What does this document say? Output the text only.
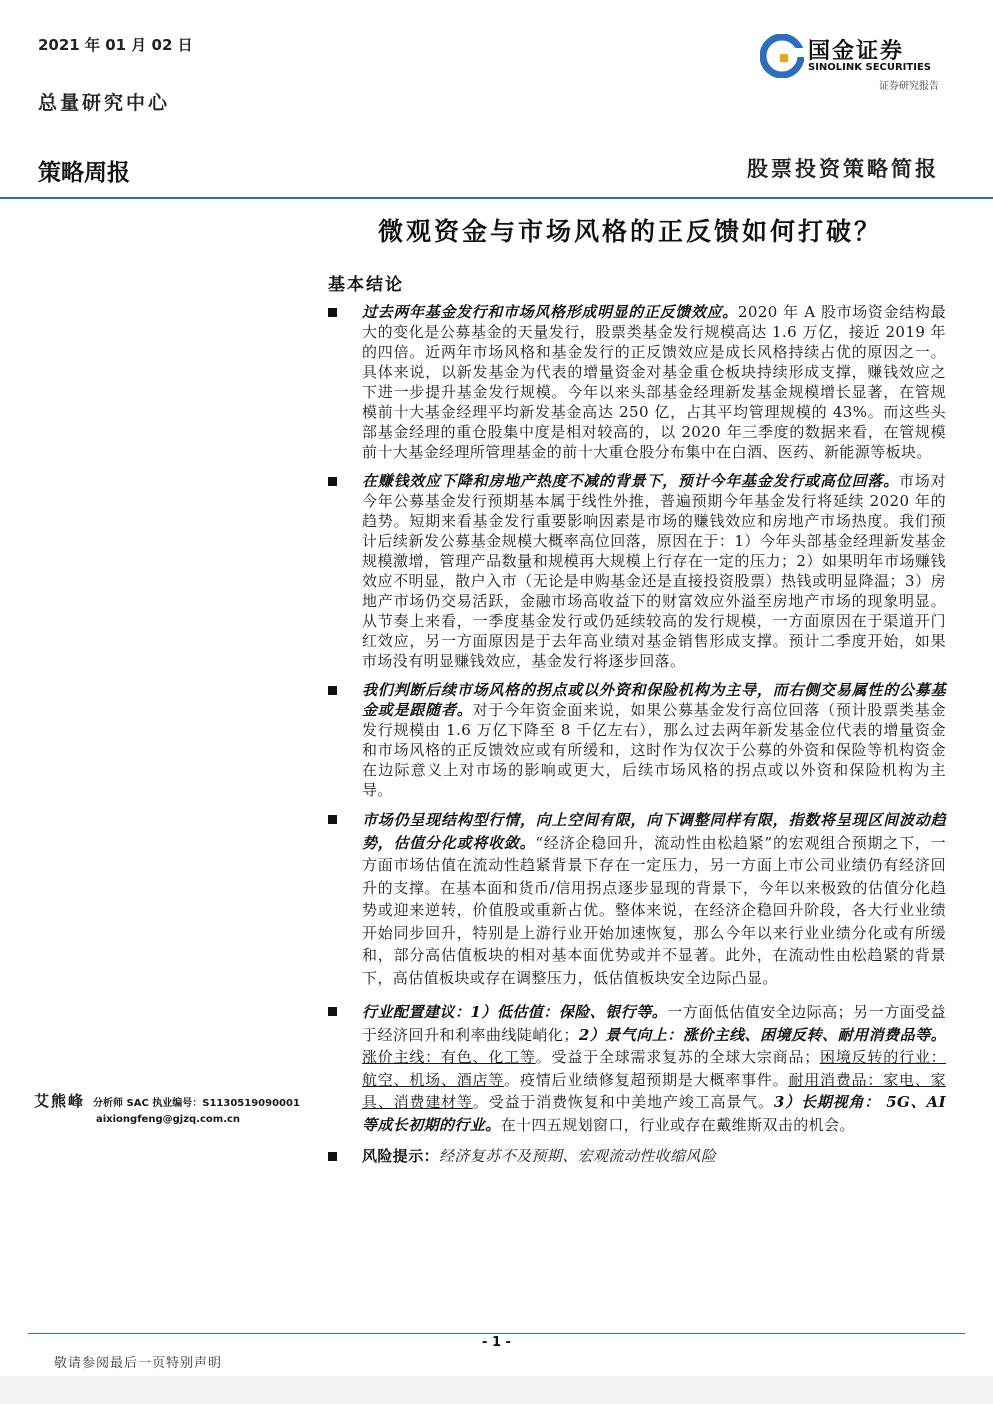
2021 年 01 月 02 日
总量研究中心
策略周报	股票投资策略简报
国金证券
SINOLINK SECURITIES
证券研究报告
微观资金与市场风格的正反馈如何打破？
基本结论
过去两年基金发行和市场风格形成明显的正反馈效应。2020 年 A 股市场资金结构最大的变化是公募基金的天量发行，股票类基金发行规模高达 1.6 万亿，接近 2019 年的四倍。近两年市场风格和基金发行的正反馈效应是成长风格持续占优的原因之一。具体来说，以新发基金为代表的增量资金对基金重仓板块持续形成支撑，赚钱效应之下进一步提升基金发行规模。今年以来头部基金经理新发基金规模增长显著，在管规模前十大基金经理平均新发基金高达 250 亿，占其平均管理规模的 43%。而这些头部基金经理的重仓股集中度是相对较高的，以 2020 年三季度的数据来看，在管规模前十大基金经理所管理基金的前十大重仓股分布集中在白酒、医药、新能源等板块。
在赚钱效应下降和房地产热度不减的背景下，预计今年基金发行或高位回落。市场对今年公募基金发行预期基本属于线性外推，普遍预期今年基金发行将延续 2020 年的趋势。短期来看基金发行重要影响因素是市场的赚钱效应和房地产市场热度。我们预计后续新发公募基金规模大概率高位回落，原因在于：1）今年头部基金经理新发基金规模激增，管理产品数量和规模再大规模上行存在一定的压力；2）如果明年市场赚钱效应不明显，散户入市（无论是申购基金还是直接投资股票）热钱或明显降温；3）房地产市场仍交易活跃，金融市场高收益下的财富效应外溢至房地产市场的现象明显。从节奏上来看，一季度基金发行或仍延续较高的发行规模，一方面原因在于渠道开门红效应，另一方面原因是于去年高业绩对基金销售形成支撑。预计二季度开始，如果市场没有明显赚钱效应，基金发行将逐步回落。
我们判断后续市场风格的拐点或以外资和保险机构为主导，而右侧交易属性的公募基金或是跟随者。对于今年资金面来说，如果公募基金发行高位回落（预计股票类基金发行规模由 1.6 万亿下降至 8 千亿左右），那么过去两年新发基金位代表的增量资金和市场风格的正反馈效应或有所缓和，这时作为仅次于公募的外资和保险等机构资金在边际意义上对市场的影响或更大，后续市场风格的拐点或以外资和保险机构为主导。
市场仍呈现结构型行情，向上空间有限，向下调整同样有限，指数将呈现区间波动趋势，估值分化或将收敛。“经济企稳回升，流动性由松趋紧”的宏观组合预期之下，一方面市场估值在流动性趋紧背景下存在一定压力，另一方面上市公司业绩仍有经济回升的支撑。在基本面和货币/信用拐点逐步显现的背景下，今年以来极致的估值分化趋势或迎来逆转，价值股或重新占优。整体来说，在经济企稳回升阶段，各大行业业绩开始同步回升，特别是上游行业开始加速恢复，那么今年以来行业业绩分化或有所缓和，部分高估值板块的相对基本面优势或并不显著。此外，在流动性由松趋紧的背景下，高估值板块或存在调整压力，低估值板块安全边际凸显。
行业配置建议：1）低估值：保险、银行等。一方面低估值安全边际高；另一方面受益于经济回升和利率曲线陡峭化；2）景气向上：涨价主线、困境反转、耐用消费品等。涨价主线：有色、化工等。受益于全球需求复苏的全球大宗商品；困境反转的行业：航空、机场、酒店等。疫情后业绩修复超预期是大概率事件。耐用消费品：家电、家具、消费建材等。受益于消费恢复和中美地产竣工高景气。3）长期视角： 5G、AI 等成长初期的行业。在十四五规划窗口，行业或存在戴维斯双击的机会。
风险提示：经济复苏不及预期、宏观流动性收缩风险
艾熊峰 分析师 SAC 执业编号：S1130519090001
aixiongfeng@gjzq.com.cn
- 1 -
敬请参阅最后一页特别声明
